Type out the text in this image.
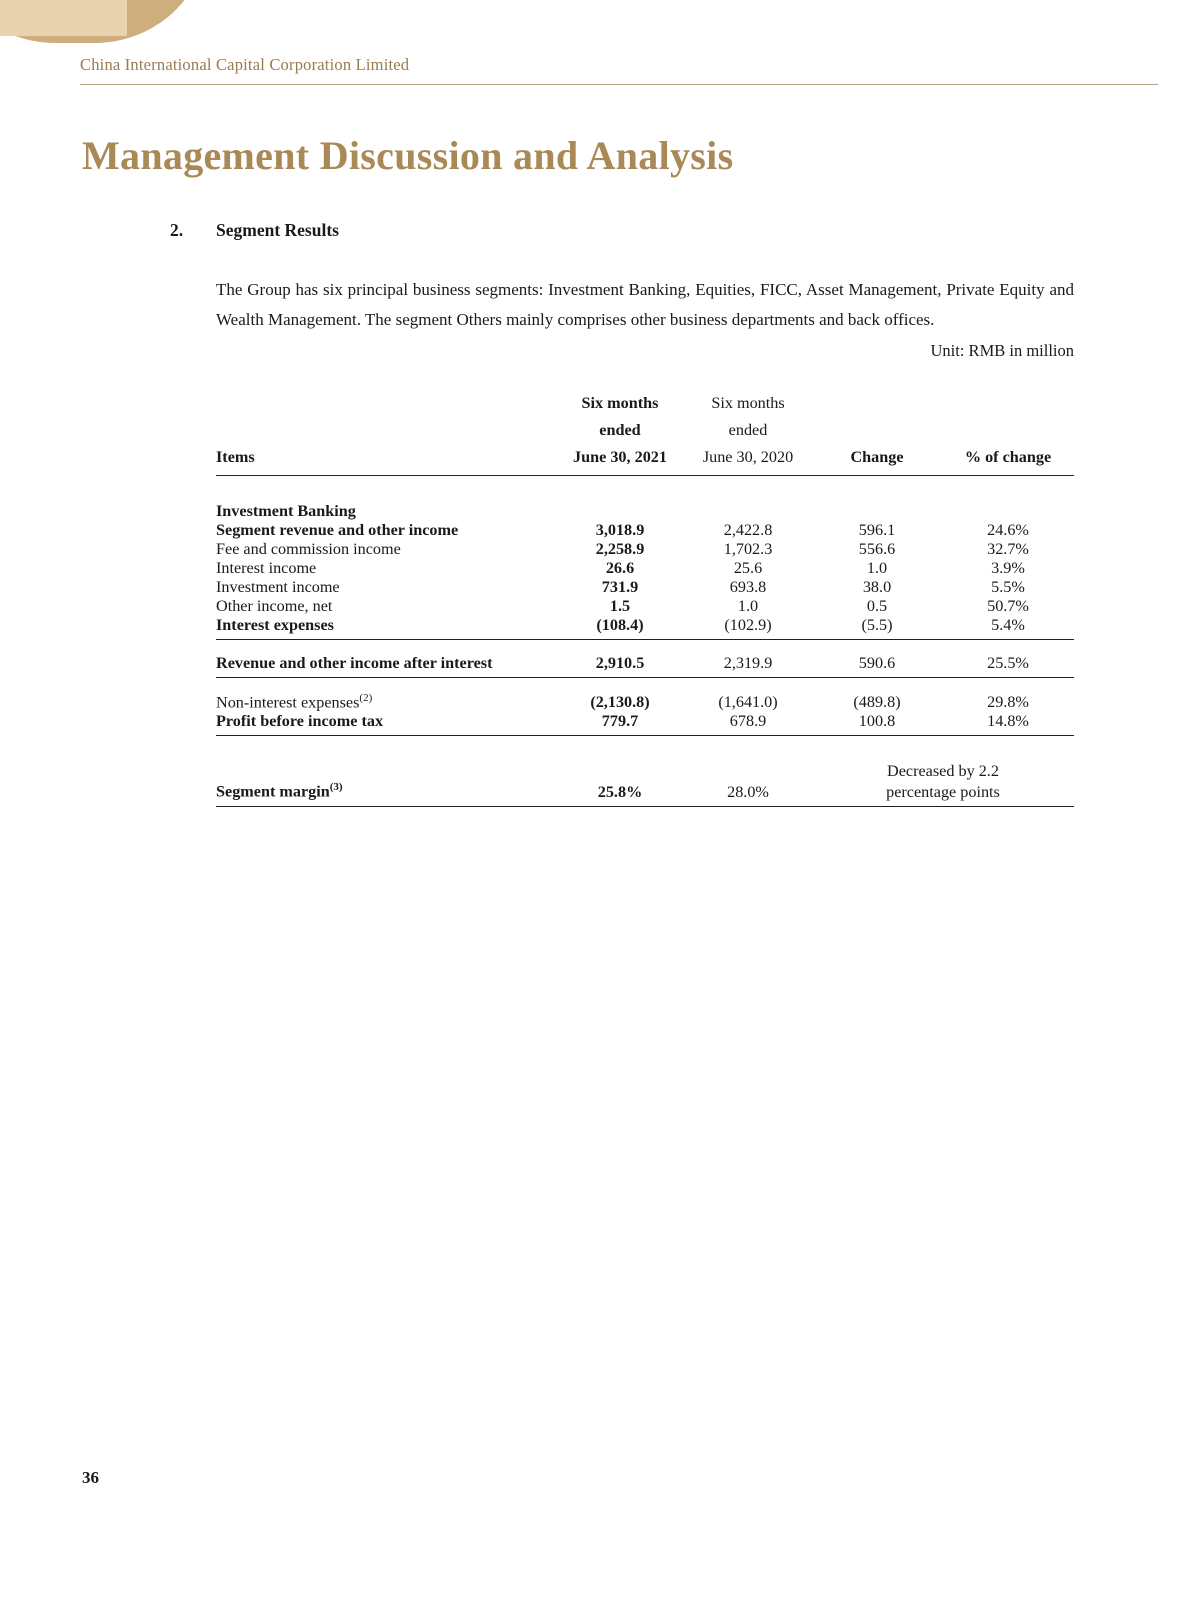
China International Capital Corporation Limited
Management Discussion and Analysis
2. Segment Results

The Group has six principal business segments: Investment Banking, Equities, FICC, Asset Management, Private Equity and Wealth Management. The segment Others mainly comprises other business departments and back offices.

Unit: RMB in million
Items	Six months	Six months		
	ended	ended		
	June 30, 2021	June 30, 2020	Change	% of change

Investment Banking				
Segment revenue and other income	3,018.9	2,422.8	596.1	24.6%
Fee and commission income	2,258.9	1,702.3	556.6	32.7%
Interest income	26.6	25.6	1.0	3.9%
Investment income	731.9	693.8	38.0	5.5%
Other income, net	1.5	1.0	0.5	50.7%
Interest expenses	(108.4)	(102.9)	(5.5)	5.4%

Revenue and other income after interest	2,910.5	2,319.9	590.6	25.5%

Non-interest expenses$^{(2)}$	(2,130.8)	(1,641.0)	(489.8)	29.8%
Profit before income tax	779.7	678.9	100.8	14.8%

			Decreased by 2.2	
Segment margin$^{(3)}$	25.8%	28.0%	percentage points	

36
